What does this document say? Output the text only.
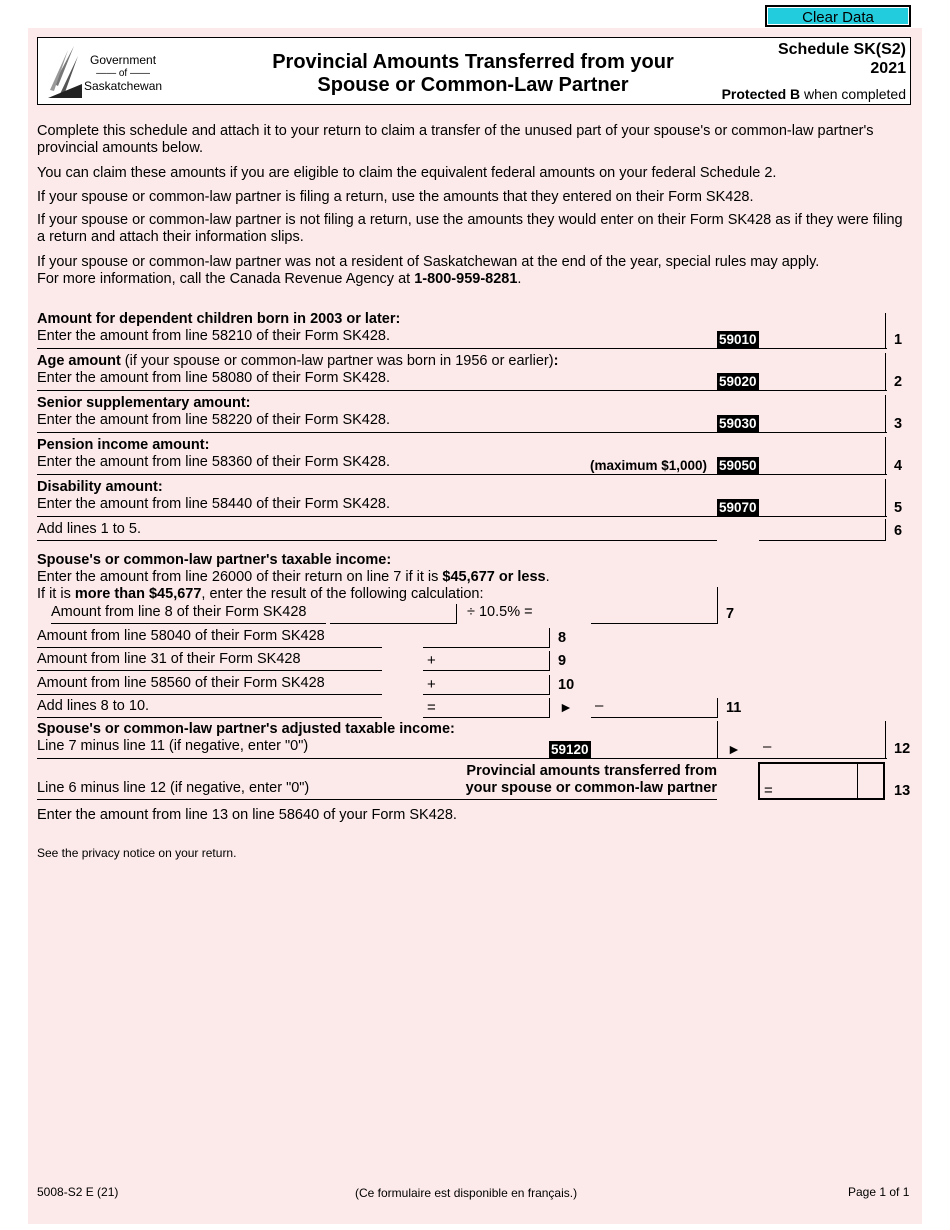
Clear Data
Government
—— of ——
Saskatchewan
Provincial Amounts Transferred from your
Spouse or Common-Law Partner
Schedule SK(S2)
2021
Protected B when completed
Complete this schedule and attach it to your return to claim a transfer of the unused part of your spouse's or common-law partner's provincial amounts below.
You can claim these amounts if you are eligible to claim the equivalent federal amounts on your federal Schedule 2.
If your spouse or common-law partner is filing a return, use the amounts that they entered on their Form SK428.
If your spouse or common-law partner is not filing a return, use the amounts they would enter on their Form SK428 as if they were filing a return and attach their information slips.
If your spouse or common-law partner was not a resident of Saskatchewan at the end of the year, special rules may apply.
For more information, call the Canada Revenue Agency at 1-800-959-8281.
Amount for dependent children born in 2003 or later:
Enter the amount from line 58210 of their Form SK428.	59010	1
Age amount (if your spouse or common-law partner was born in 1956 or earlier):
Enter the amount from line 58080 of their Form SK428.	59020	2
Senior supplementary amount:
Enter the amount from line 58220 of their Form SK428.	59030	3
Pension income amount:
Enter the amount from line 58360 of their Form SK428.	(maximum $1,000) 59050	4
Disability amount:
Enter the amount from line 58440 of their Form SK428.	59070	5
Add lines 1 to 5.	6
Spouse's or common-law partner's taxable income:
Enter the amount from line 26000 of their return on line 7 if it is $45,677 or less.
If it is more than $45,677, enter the result of the following calculation:
Amount from line 8 of their Form SK428	÷ 10.5% =	7
Amount from line 58040 of their Form SK428	8
Amount from line 31 of their Form SK428	+	9
Amount from line 58560 of their Form SK428	+	10
Add lines 8 to 10.	=	► –	11
Spouse's or common-law partner's adjusted taxable income:
Line 7 minus line 11 (if negative, enter "0")	59120	► –	12
Line 6 minus line 12 (if negative, enter "0")
Provincial amounts transferred from
your spouse or common-law partner	=	13
Enter the amount from line 13 on line 58640 of your Form SK428.
See the privacy notice on your return.
5008-S2 E (21)	(Ce formulaire est disponible en français.)	Page 1 of 1
